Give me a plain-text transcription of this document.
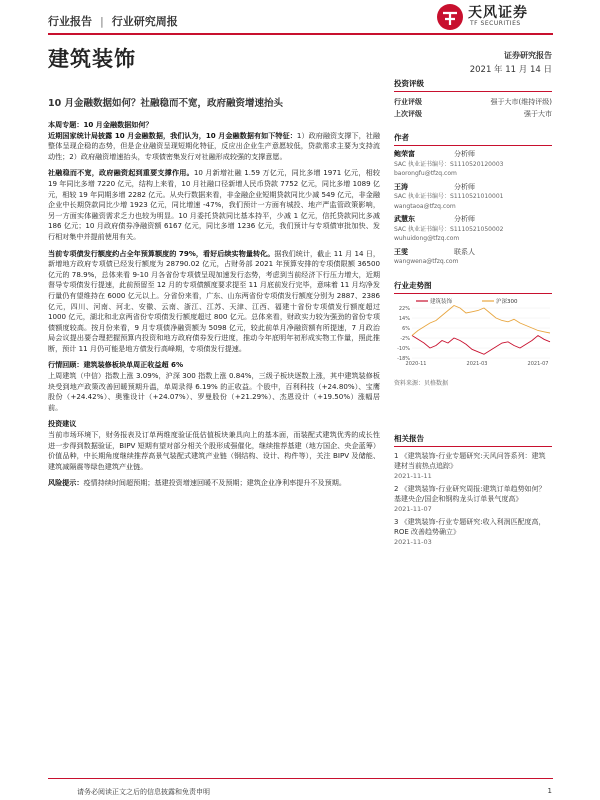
行业报告 | 行业研究周报
天风证券
TF SECURITIES
建筑装饰	证券研究报告
2021 年 11 月 14 日
10 月金融数据如何？社融稳而不宽，政府融资增速抬头

本周专题：10 月金融数据如何？

近期国家统计局披露 10 月金融数据，我们认为，10 月金融数据有如下特征：1）政府融资支撑下，社融整体呈现企稳的态势，但是企业融资呈现短期化特征，反应出企业生产意愿较低，贷款需求主要为支持流动性；2）政府融资增速抬头，专项债密集发行对社融形成较强的支撑意愿。

社融稳而不宽，政府融资起到重要支撑作用。10 月新增社融 1.59 万亿元，同比多增 1971 亿元，相较 19 年同比多增 7220 亿元，结构上来看，10 月社融口径新增人民币贷款 7752 亿元，同比多增 1089 亿元，相较 19 年同期多增 2282 亿元。从央行数据来看，非金融企业短期贷款同比少减 549 亿元，非金融企业中长期贷款同比少增 1923 亿元，同比增速 -47%，我们预计一方面有城投、地产严监管政策影响，另一方面实体融资需求乏力也较为明显。10 月委托贷款同比基本持平，少减 1 亿元，信托贷款同比多减 186 亿元；10 月政府债券净融资额 6167 亿元，同比多增 1236 亿元，我们预计与专项债审批加快、发行相对集中并提前使用有关。

当前专项债发行额度约占全年预算额度的 79%，看好后续实物量转化。据我们统计，截止 11 月 14 日，新增地方政府专项债已经发行额度为 28790.02 亿元，占财务部 2021 年预算安排的专项债限额 36500 亿元的 78.9%，总体来看 9-10 月各省份专项债呈现加速发行态势，考虑到当前经济下行压力增大，近期督导专项债发行提速，此前预留至 12 月的专项债额度要求提至 11 月底前发行完毕，意味着 11 月均净发行量仍有望维持在 6000 亿元以上。分省份来看，广东、山东两省份专项债发行额度分别为 2887、2386 亿元，四川、河南、河北、安徽、云南、浙江、江苏、天津、江西、福建十省份专项债发行额度超过 1000 亿元，湖北和北京两省份专项债发行额度超过 800 亿元。总体来看，财政实力较为强劲的省份专项债额度较高。按月份来看，9 月专项债净融资额为 5098 亿元，较此前单月净融资额有所提速，7 月政治局会议提出要合理把握预算内投资和地方政府债券发行进度，推动今年底明年初形成实物工作量，照此推断，预计 11 月仍可能是地方债发行高峰期，专项债发行提速。

行情回顾：建筑装修板块单周正收益超 6%
上周建筑（中信）指数上涨 3.09%，沪深 300 指数上涨 0.84%，三级子板块逐数上涨，其中建筑装修板块受到地产政策改善回暖预期升温，单周录得 6.19% 的正收益。个股中，百利科技（+24.80%）、宝鹰股份（+24.42%）、奥雅设计（+24.07%）、罗曼股份（+21.29%）、杰恩设计（+19.50%）涨幅居前。

投资建议
当前市场环境下，财务报表及订单两维度验证低估值板块兼具向上的基本面，而装配式建筑优秀的成长性进一步得到数据验证，BIPV 短期有望对部分相关个股形成强催化，继续推荐基建（地方国企、央企蓝筹）价值品种，中长期角度继续推荐高景气装配式建筑产业链（钢结构、设计、构件等），关注 BIPV 及储能、建筑减隔震等绿色建筑产业链。

风险提示：疫情持续时间超预期；基建投资增速回暖不及预期；建筑企业净利率提升不及预期。

投资评级
行业评级	强于大市(维持评级)
上次评级	强于大市
作者
鲍荣富	分析师
SAC 执业证书编号：S1110520120003
baorongfu@tfzq.com
王涛	分析师
SAC 执业证书编号：S1110521010001
wangtaoa@tfzq.com
武慧东	分析师
SAC 执业证书编号：S1110521050002
wuhuidong@tfzq.com
王雯	联系人
wangwena@tfzq.com
行业走势图
22%
14%
6%
-2%
-10%
-18%
2020-11	2021-03	2021-07
建筑装饰	沪深300
资料来源：贝格数据
相关报告
1 《建筑装饰-行业专题研究:天风问答系列：建筑建材当前热点追踪》
2021-11-11
2 《建筑装饰-行业研究周报:建筑订单趋势如何？基建央企/国企和钢构龙头订单景气度高》
2021-11-07
3 《建筑装饰-行业专题研究:收入利润匹配度高，ROE 改善趋势确立》
2021-11-03
请务必阅读正文之后的信息披露和免责申明	1
